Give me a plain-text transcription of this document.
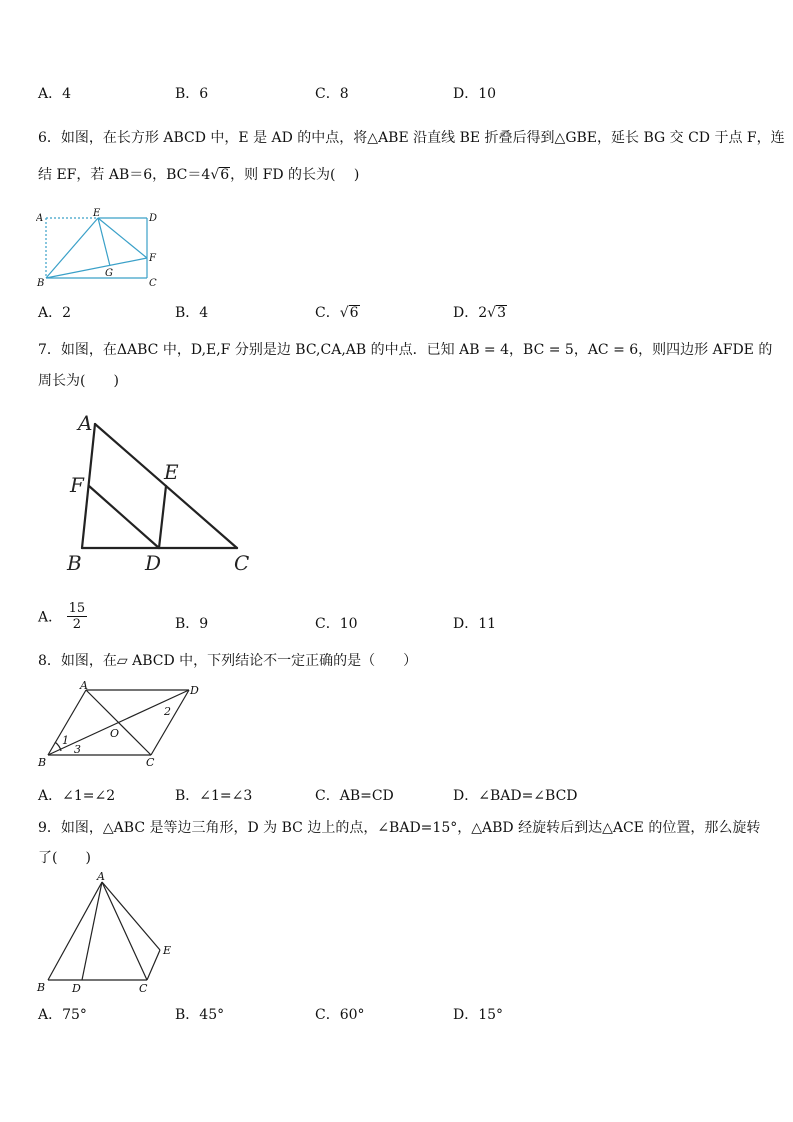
A．4	B．6	C．8	D．10
6．如图，在长方形 ABCD 中，E 是 AD 的中点，将△ABE 沿直线 BE 折叠后得到△GBE，延长 BG 交 CD 于点 F，连
结 EF，若 AB＝6，BC＝4√6，则 FD 的长为(　 )
A	E	D
F
G
B	C
A．2	B．4	C．√6	D．2√3
7．如图，在ΔABC 中，D,E,F 分别是边 BC,CA,AB 的中点．已知 AB = 4，BC = 5，AC = 6，则四边形 AFDE 的
周长为(　　)
A
E
F
B	D	C
A． $\frac{15}{2}$	B．9	C．10	D．11
8．如图，在▱ ABCD 中，下列结论不一定正确的是（　　）
A	D
O
2
1
3
B	C
A．∠1=∠2	B．∠1=∠3	C．AB=CD	D．∠BAD=∠BCD
9．如图，△ABC 是等边三角形，D 为 BC 边上的点，∠BAD=15°，△ABD 经旋转后到达△ACE 的位置，那么旋转
了(　　)
A
E
B D	C
A．75°	B．45°	C．60°	D．15°
